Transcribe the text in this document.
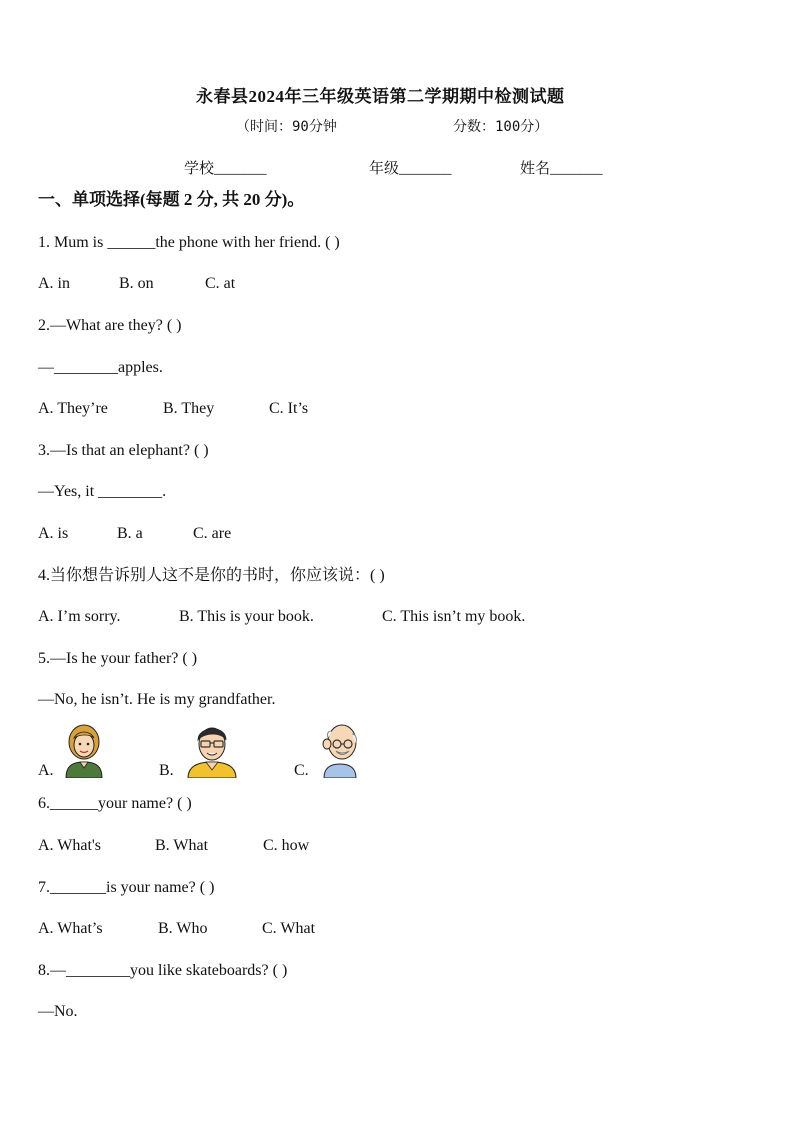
永春县2024年三年级英语第二学期期中检测试题
（时间：90分钟	分数：100分）
学校_______	年级_______	姓名_______
一、单项选择(每题 2 分, 共 20 分)。
1. Mum is ______the phone with her friend. ( )
A. in	B. on	C. at
2.—What are they? ( )
—________apples.
A. They’re	B. They	C. It’s
3.—Is that an elephant? ( )
—Yes, it ________.
A. is	B. a	C. are
4.当你想告诉别人这不是你的书时，你应该说：( )
A. I’m sorry.	B. This is your book.	C. This isn’t my book.
5.—Is he your father? ( )
—No, he isn’t. He is my grandfather.
A.	B.	C.
6.______your name? ( )
A. What's	B. What	C. how
7._______is your name? ( )
A. What’s	B. Who	C. What
8.—________you like skateboards? ( )
—No.
